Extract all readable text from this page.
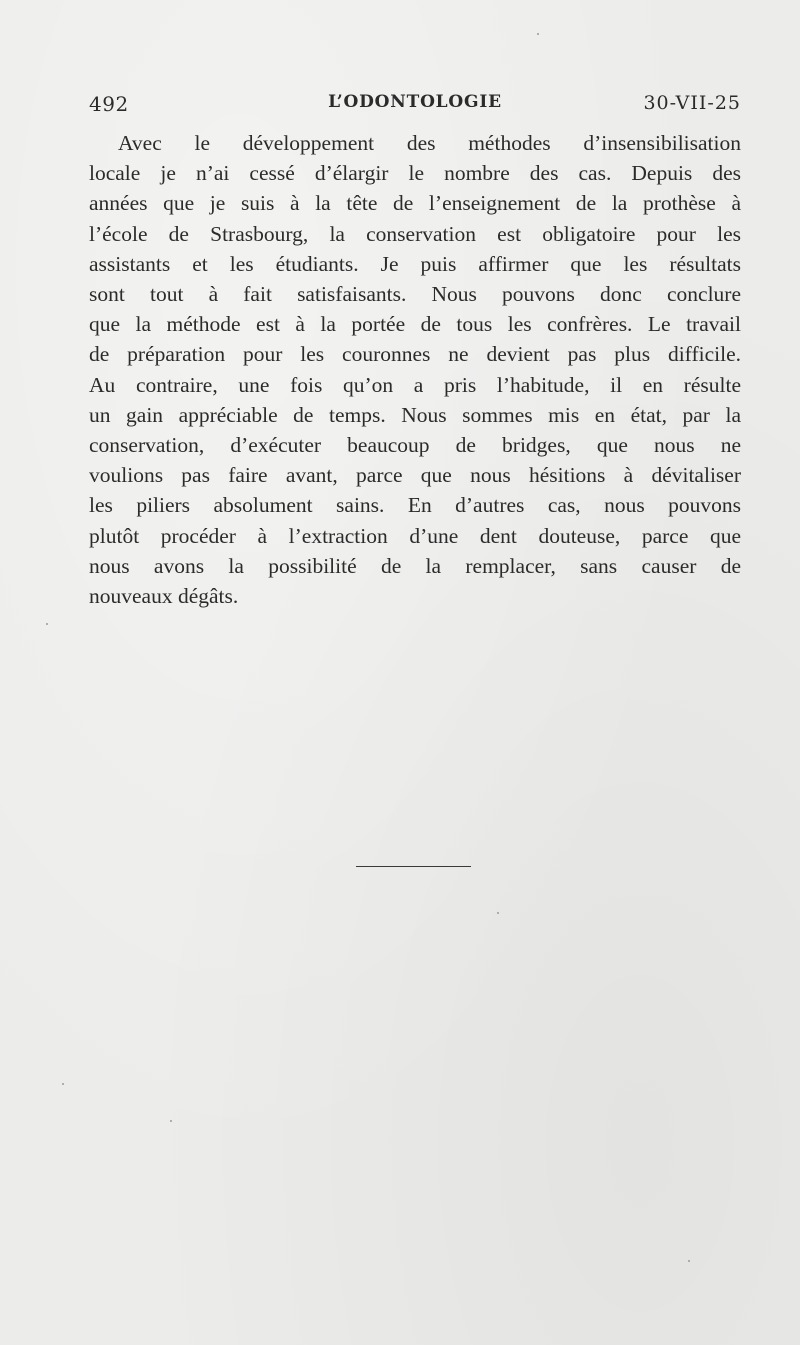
492	L’ODONTOLOGIE	30-VII-25

Avec le développement des méthodes d’insensibilisation
locale je n’ai cessé d’élargir le nombre des cas. Depuis des
années que je suis à la tête de l’enseignement de la prothèse à
l’école de Strasbourg, la conservation est obligatoire pour les
assistants et les étudiants. Je puis affirmer que les résultats
sont tout à fait satisfaisants. Nous pouvons donc conclure
que la méthode est à la portée de tous les confrères. Le travail
de préparation pour les couronnes ne devient pas plus difficile.
Au contraire, une fois qu’on a pris l’habitude, il en résulte
un gain appréciable de temps. Nous sommes mis en état, par la
conservation, d’exécuter beaucoup de bridges, que nous ne
voulions pas faire avant, parce que nous hésitions à dévitaliser
les piliers absolument sains. En d’autres cas, nous pouvons
plutôt procéder à l’extraction d’une dent douteuse, parce que
nous avons la possibilité de la remplacer, sans causer de
nouveaux dégâts.
